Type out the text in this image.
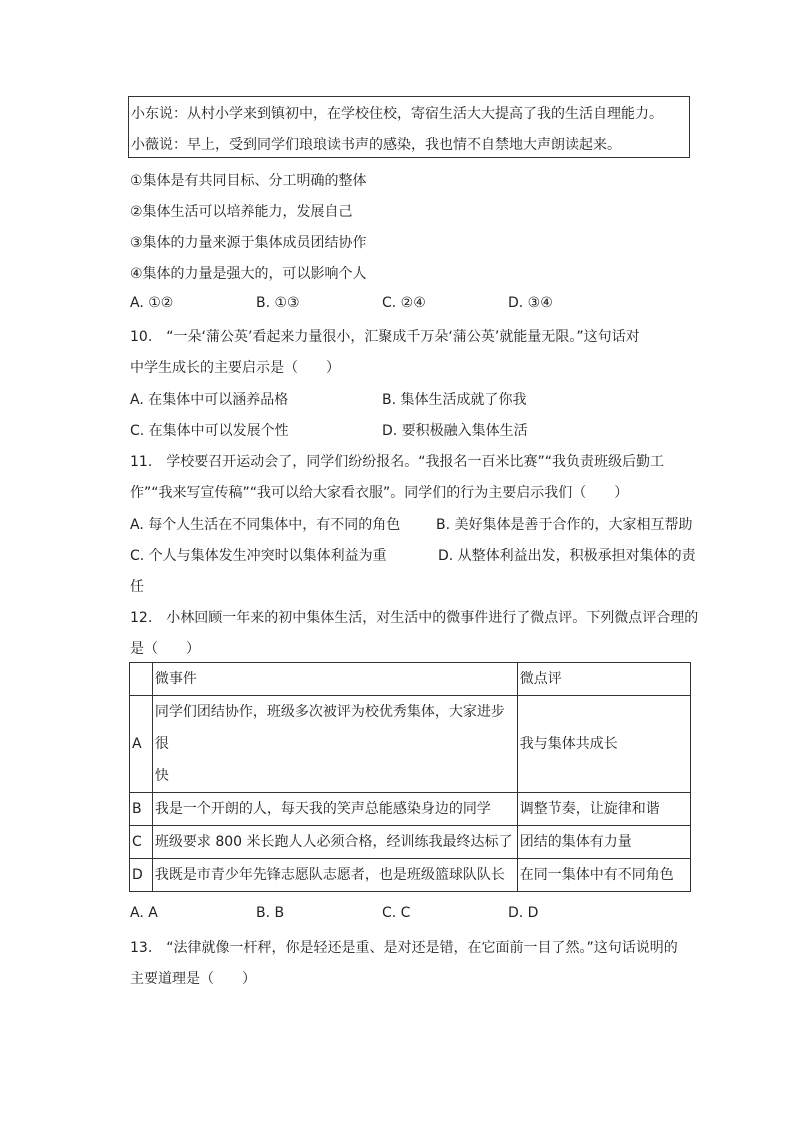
小东说：从村小学来到镇初中，在学校住校，寄宿生活大大提高了我的生活自理能力。
小薇说：早上，受到同学们琅琅读书声的感染，我也情不自禁地大声朗读起来。
①集体是有共同目标、分工明确的整体
②集体生活可以培养能力，发展自己
③集体的力量来源于集体成员团结协作
④集体的力量是强大的，可以影响个人
A. ①②	B. ①③	C. ②④	D. ③④
10.　“一朵‘蒲公英’看起来力量很小，汇聚成千万朵‘蒲公英’就能量无限。”这句话对
中学生成长的主要启示是（　　）
A. 在集体中可以涵养品格	B. 集体生活成就了你我
C. 在集体中可以发展个性	D. 要积极融入集体生活
11.　学校要召开运动会了，同学们纷纷报名。“我报名一百米比赛”“我负责班级后勤工
作”“我来写宣传稿”“我可以给大家看衣服”。同学们的行为主要启示我们（　　）
A. 每个人生活在不同集体中，有不同的角色	B. 美好集体是善于合作的，大家相互帮助
C. 个人与集体发生冲突时以集体利益为重	D. 从整体利益出发，积极承担对集体的责
任
12.　小林回顾一年来的初中集体生活，对生活中的微事件进行了微点评。下列微点评合理的
是（　　）
	微事件	微点评
A	同学们团结协作，班级多次被评为校优秀集体，大家进步很
快	我与集体共成长
B	我是一个开朗的人，每天我的笑声总能感染身边的同学	调整节奏，让旋律和谐
C	班级要求 800 米长跑人人必须合格，经训练我最终达标了	团结的集体有力量
D	我既是市青少年先锋志愿队志愿者，也是班级篮球队队长	在同一集体中有不同角色
A. A	B. B	C. C	D. D
13.　“法律就像一杆秤，你是轻还是重、是对还是错，在它面前一目了然。”这句话说明的
主要道理是（　　）
